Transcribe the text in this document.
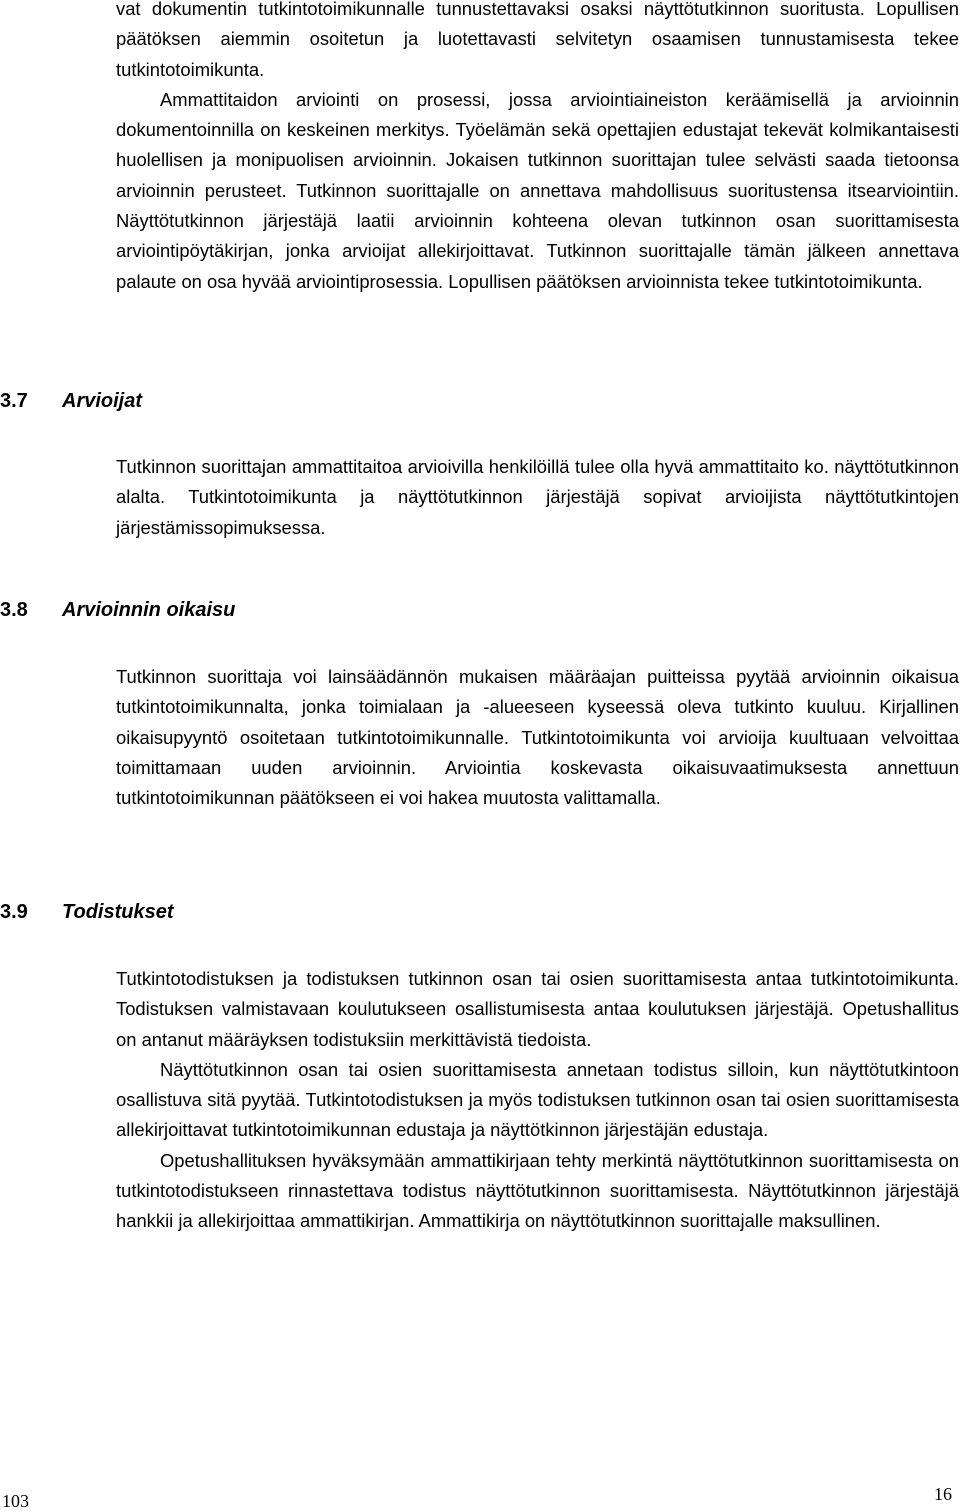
vat dokumentin tutkintotoimikunnalle tunnustettavaksi osaksi näyttötutkinnon suoritusta. Lopullisen päätöksen aiemmin osoitetun ja luotettavasti selvitetyn osaamisen tunnustamisesta tekee tutkintotoimikunta.
Ammattitaidon arviointi on prosessi, jossa arviointiaineiston keräämisellä ja arvioinnin dokumentoinnilla on keskeinen merkitys. Työelämän sekä opettajien edustajat tekevät kolmikantaisesti huolellisen ja monipuolisen arvioinnin. Jokaisen tutkinnon suorittajan tulee selvästi saada tietoonsa arvioinnin perusteet. Tutkinnon suorittajalle on annettava mahdollisuus suoritustensa itsearviointiin. Näyttötutkinnon järjestäjä laatii arvioinnin kohteena olevan tutkinnon osan suorittamisesta arviointipöytäkirjan, jonka arvioijat allekirjoittavat. Tutkinnon suorittajalle tämän jälkeen annettava palaute on osa hyvää arviointiprosessia. Lopullisen päätöksen arvioinnista tekee tutkintotoimikunta.

3.7 Arvioijat

Tutkinnon suorittajan ammattitaitoa arvioivilla henkilöillä tulee olla hyvä ammattitaito ko. näyttötutkinnon alalta. Tutkintotoimikunta ja näyttötutkinnon järjestäjä sopivat arvioijista näyttötutkintojen järjestämissopimuksessa.

3.8 Arvioinnin oikaisu

Tutkinnon suorittaja voi lainsäädännön mukaisen määräajan puitteissa pyytää arvioinnin oikaisua tutkintotoimikunnalta, jonka toimialaan ja -alueeseen kyseessä oleva tutkinto kuuluu. Kirjallinen oikaisupyyntö osoitetaan tutkintotoimikunnalle. Tutkintotoimikunta voi arvioija kuultuaan velvoittaa toimittamaan uuden arvioinnin. Arviointia koskevasta oikaisuvaatimuksesta annettuun tutkintotoimikunnan päätökseen ei voi hakea muutosta valittamalla.

3.9 Todistukset

Tutkintotodistuksen ja todistuksen tutkinnon osan tai osien suorittamisesta antaa tutkintotoimikunta. Todistuksen valmistavaan koulutukseen osallistumisesta antaa koulutuksen järjestäjä. Opetushallitus on antanut määräyksen todistuksiin merkittävistä tiedoista.
Näyttötutkinnon osan tai osien suorittamisesta annetaan todistus silloin, kun näyttötutkintoon osallistuva sitä pyytää. Tutkintotodistuksen ja myös todistuksen tutkinnon osan tai osien suorittamisesta allekirjoittavat tutkintotoimikunnan edustaja ja näyttötkinnon järjestäjän edustaja.
Opetushallituksen hyväksymään ammattikirjaan tehty merkintä näyttötutkinnon suorittamisesta on tutkintotodistukseen rinnastettava todistus näyttötutkinnon suorittamisesta. Näyttötutkinnon järjestäjä hankkii ja allekirjoittaa ammattikirjan. Ammattikirja on näyttötutkinnon suorittajalle maksullinen.

103	16
